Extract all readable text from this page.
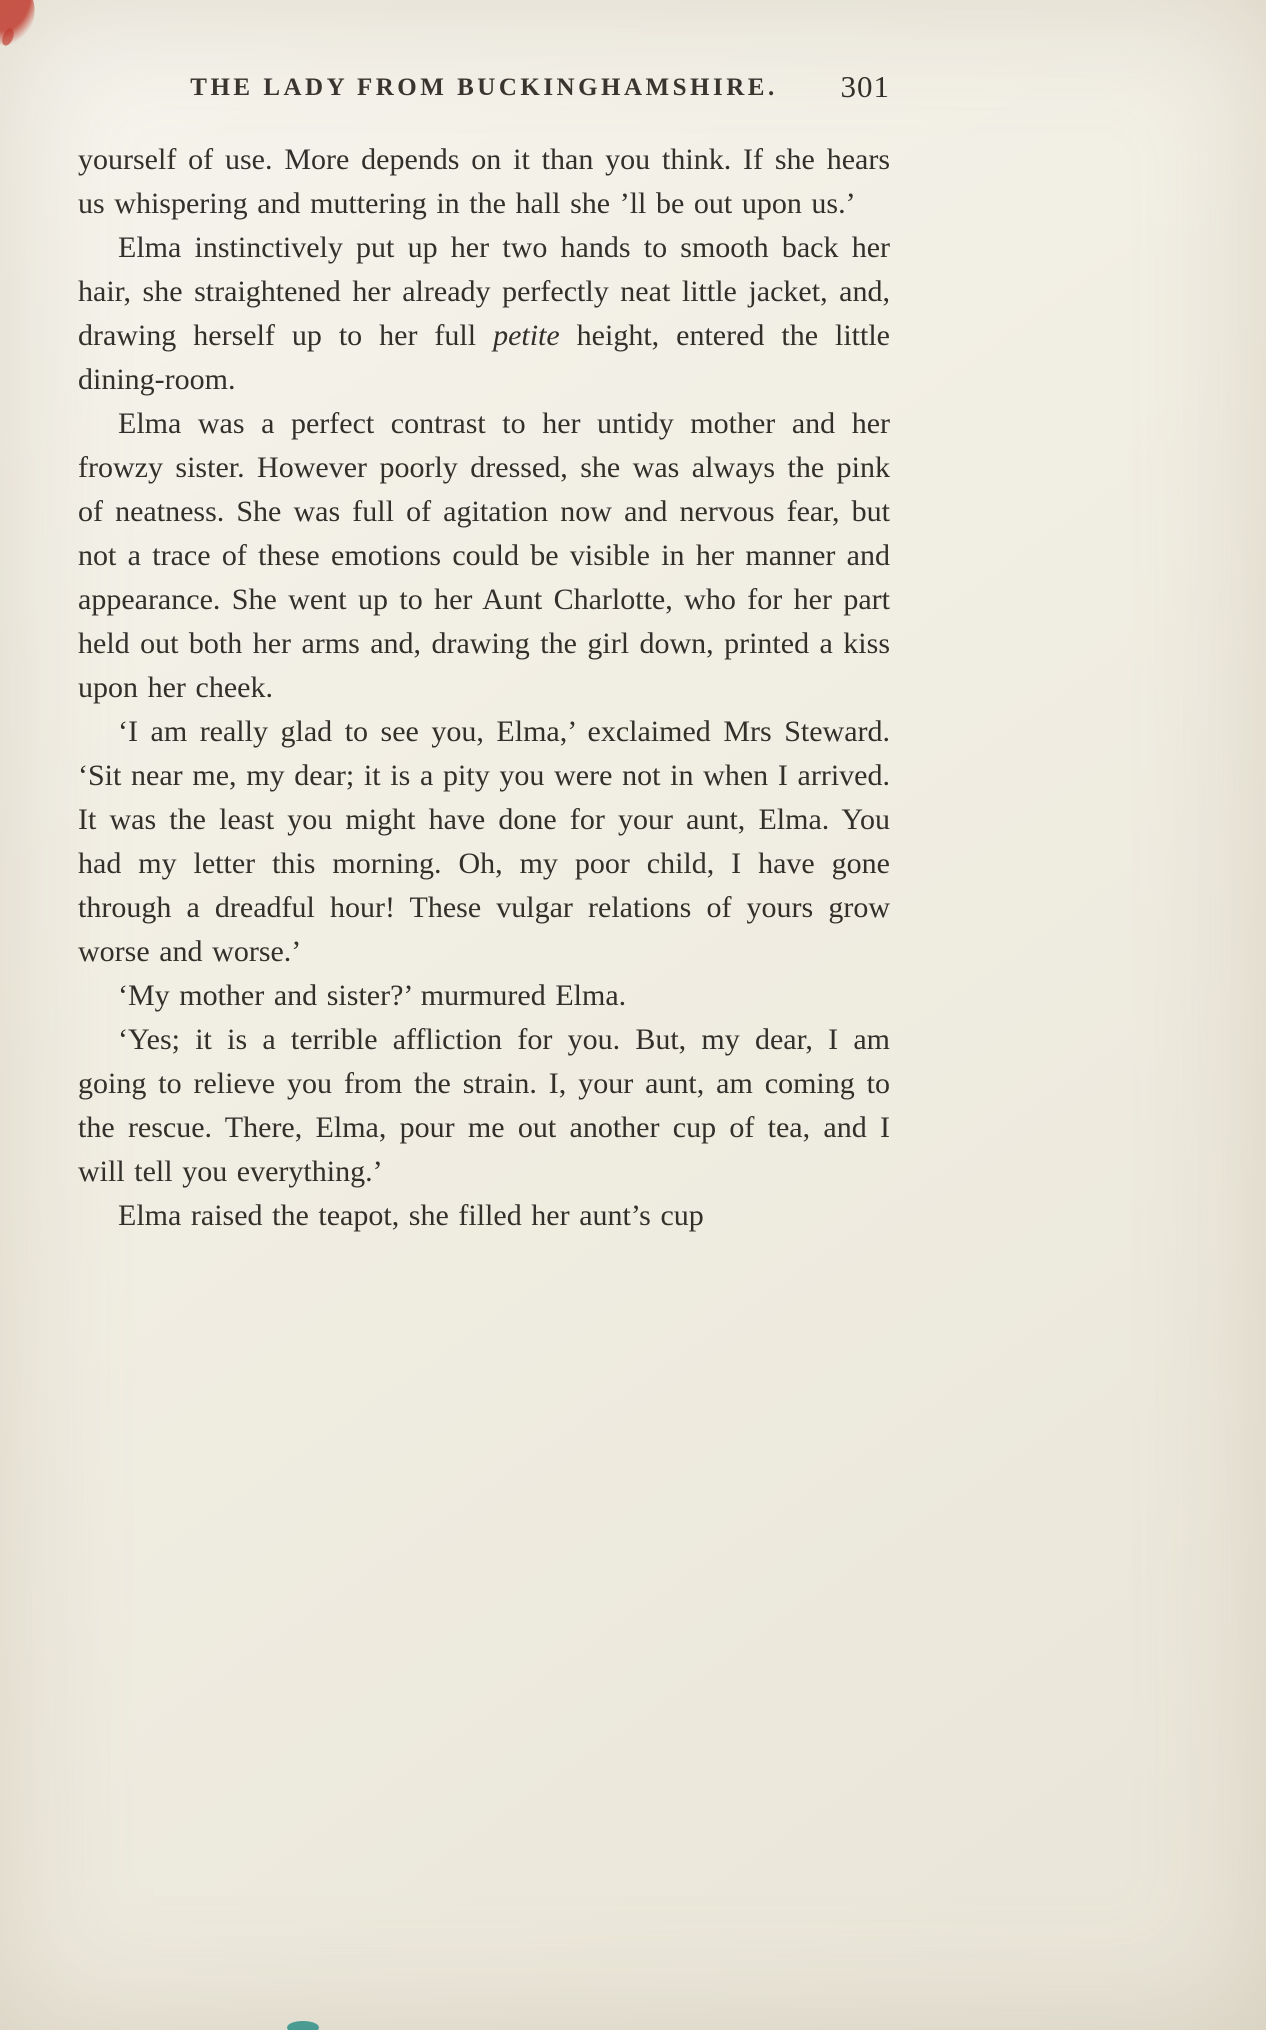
THE LADY FROM BUCKINGHAMSHIRE.	301

yourself of use. More depends on it than you think. If she hears us whispering and muttering in the hall she ’ll be out upon us.’

Elma instinctively put up her two hands to smooth back her hair, she straightened her already perfectly neat little jacket, and, drawing herself up to her full petite height, entered the little dining-room.

Elma was a perfect contrast to her untidy mother and her frowzy sister. However poorly dressed, she was always the pink of neatness. She was full of agitation now and nervous fear, but not a trace of these emotions could be visible in her manner and appearance. She went up to her Aunt Charlotte, who for her part held out both her arms and, drawing the girl down, printed a kiss upon her cheek.

‘I am really glad to see you, Elma,’ exclaimed Mrs Steward. ‘Sit near me, my dear; it is a pity you were not in when I arrived. It was the least you might have done for your aunt, Elma. You had my letter this morning. Oh, my poor child, I have gone through a dreadful hour! These vulgar relations of yours grow worse and worse.’

‘My mother and sister?’ murmured Elma.

‘Yes; it is a terrible affliction for you. But, my dear, I am going to relieve you from the strain. I, your aunt, am coming to the rescue. There, Elma, pour me out another cup of tea, and I will tell you everything.’

Elma raised the teapot, she filled her aunt’s cup
